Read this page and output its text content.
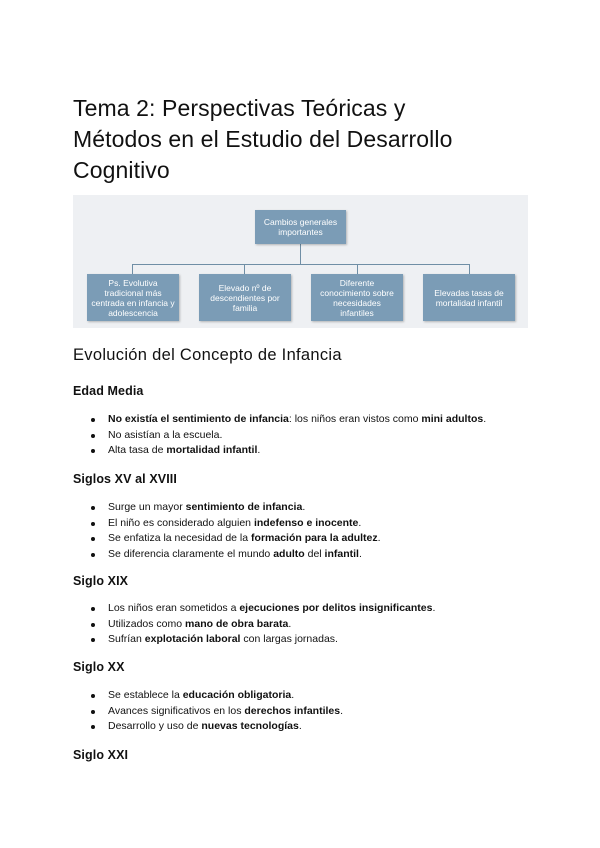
Tema 2: Perspectivas Teóricas y
Métodos en el Estudio del Desarrollo
Cognitivo
Cambios generales importantes
Ps. Evolutiva tradicional más centrada en infancia y adolescencia
Elevado nº de descendientes por familia
Diferente conocimiento sobre necesidades infantiles
Elevadas tasas de mortalidad infantil
Evolución del Concepto de Infancia
Edad Media
No existía el sentimiento de infancia: los niños eran vistos como mini adultos.
No asistían a la escuela.
Alta tasa de mortalidad infantil.
Siglos XV al XVIII
Surge un mayor sentimiento de infancia.
El niño es considerado alguien indefenso e inocente.
Se enfatiza la necesidad de la formación para la adultez.
Se diferencia claramente el mundo adulto del infantil.
Siglo XIX
Los niños eran sometidos a ejecuciones por delitos insignificantes.
Utilizados como mano de obra barata.
Sufrían explotación laboral con largas jornadas.
Siglo XX
Se establece la educación obligatoria.
Avances significativos en los derechos infantiles.
Desarrollo y uso de nuevas tecnologías.
Siglo XXI
